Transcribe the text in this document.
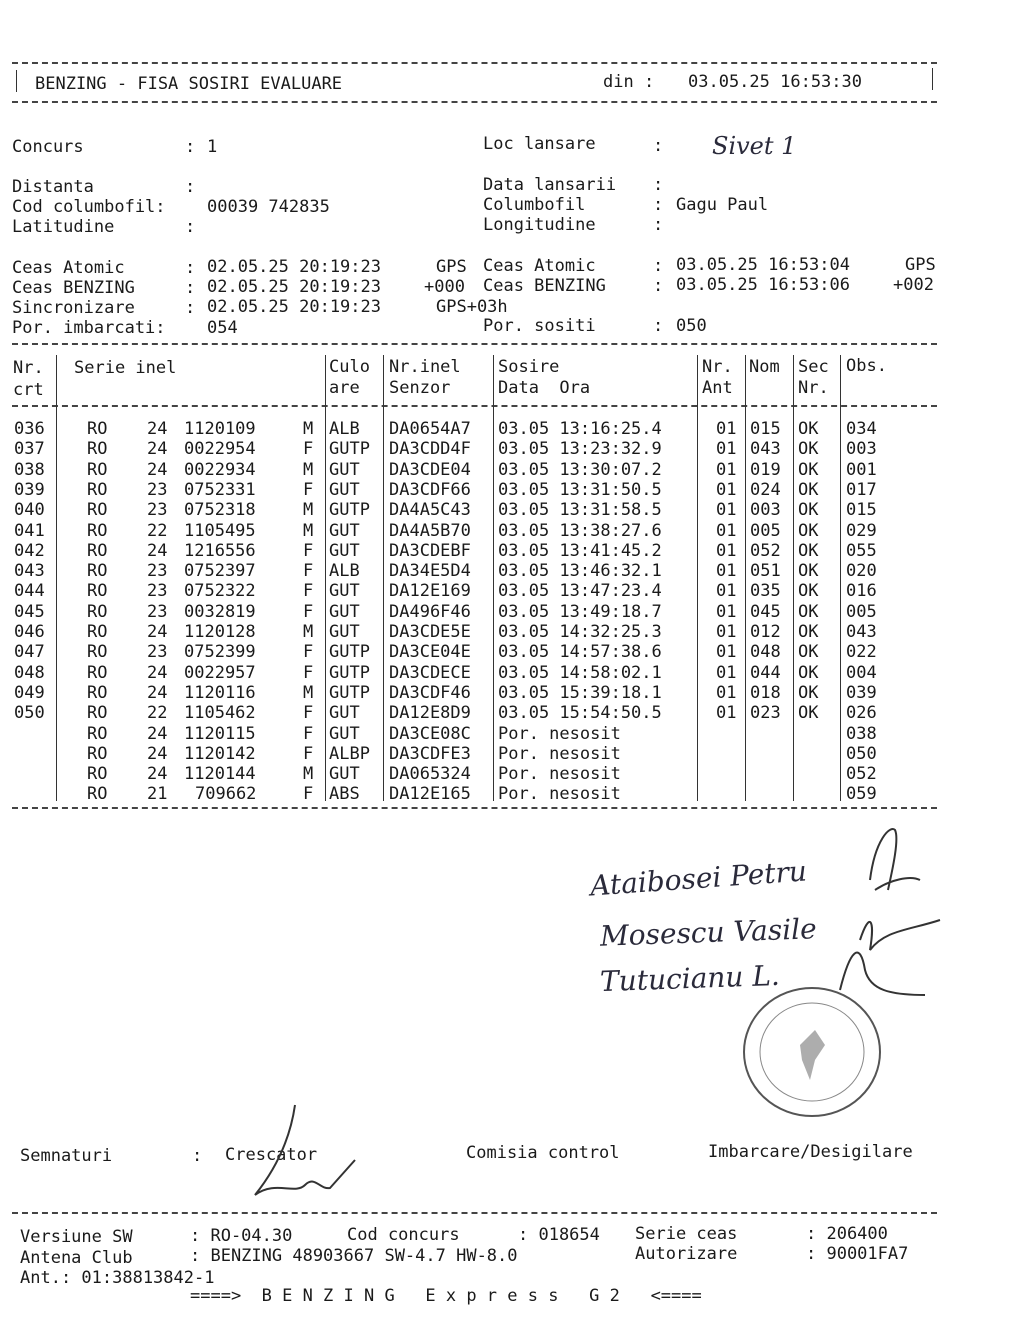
BENZING - FISA SOSIRI EVALUARE	din : 03.05.25 16:53:30
Concurs	: 1	Loc lansare	: Sivet 1
Distanta	:	Data lansarii :
Cod columbofil: 00039 742835	Columbofil	: Gagu Paul
Latitudine	:	Longitudine	:
Ceas Atomic	: 02.05.25 20:19:23	GPS
Ceas BENZING	: 02.05.25 20:19:23	+000
Sincronizare	: 02.05.25 20:19:23	GPS+03h
Ceas Atomic	: 03.05.25 16:53:04	GPS
Ceas BENZING	: 03.05.25 16:53:06	+002
Por. imbarcati: 054	Por. sositi	: 050
Nr. Serie inel	Culo Nr.inel Sosire	Nr. Nom Sec Obs.
crt	are Senzor	Data  Ora	Ant	Nr.
036 RO 24 1120109	M ALB DA0654A7 03.05 13:16:25.4	01 015 OK 034
037 RO 24 0022954	F GUTP DA3CDD4F 03.05 13:23:32.9	01 043 OK 003
038 RO 24 0022934	M GUT DA3CDE04 03.05 13:30:07.2	01 019 OK 001
039 RO 23 0752331	F GUT DA3CDF66 03.05 13:31:50.5	01 024 OK 017
040 RO 23 0752318	M GUTP DA4A5C43 03.05 13:31:58.5	01 003 OK 015
041 RO 22 1105495	M GUT DA4A5B70 03.05 13:38:27.6	01 005 OK 029
042 RO 24 1216556	F GUT DA3CDEBF 03.05 13:41:45.2	01 052 OK 055
043 RO 23 0752397	F ALB DA34E5D4 03.05 13:46:32.1	01 051 OK 020
044 RO 23 0752322	F GUT DA12E169 03.05 13:47:23.4	01 035 OK 016
045 RO 23 0032819	F GUT DA496F46 03.05 13:49:18.7	01 045 OK 005
046 RO 24 1120128	M GUT DA3CDE5E 03.05 14:32:25.3	01 012 OK 043
047 RO 23 0752399	F GUTP DA3CE04E 03.05 14:57:38.6	01 048 OK 022
048 RO 24 0022957	F GUTP DA3CDECE 03.05 14:58:02.1	01 044 OK 004
049 RO 24 1120116	M GUTP DA3CDF46 03.05 15:39:18.1	01 018 OK 039
050 RO 22 1105462	F GUT DA12E8D9 03.05 15:54:50.5	01 023 OK 026
RO 24 1120115	F GUT DA3CE08C Por. nesosit	038
RO 24 1120142	F ALBP DA3CDFE3 Por. nesosit	050
RO 24 1120144	M GUT DA065324 Por. nesosit	052
RO 21 709662	F ABS DA12E165 Por. nesosit	059
Ataibosei Petru
Mosescu Vasile
Tutucianu L.
Semnaturi	: Crescator	Comisia control	Imbarcare/Desigilare
Versiune SW	: RO-04.30	Cod concurs	: 018654 Serie ceas	: 206400
Antena Club	: BENZING 48903667 SW-4.7 HW-8.0	Autorizare	: 90001FA7
Ant.: 01:38813842-1
====>  B E N Z I N G   E x p r e s s   G 2   <====
